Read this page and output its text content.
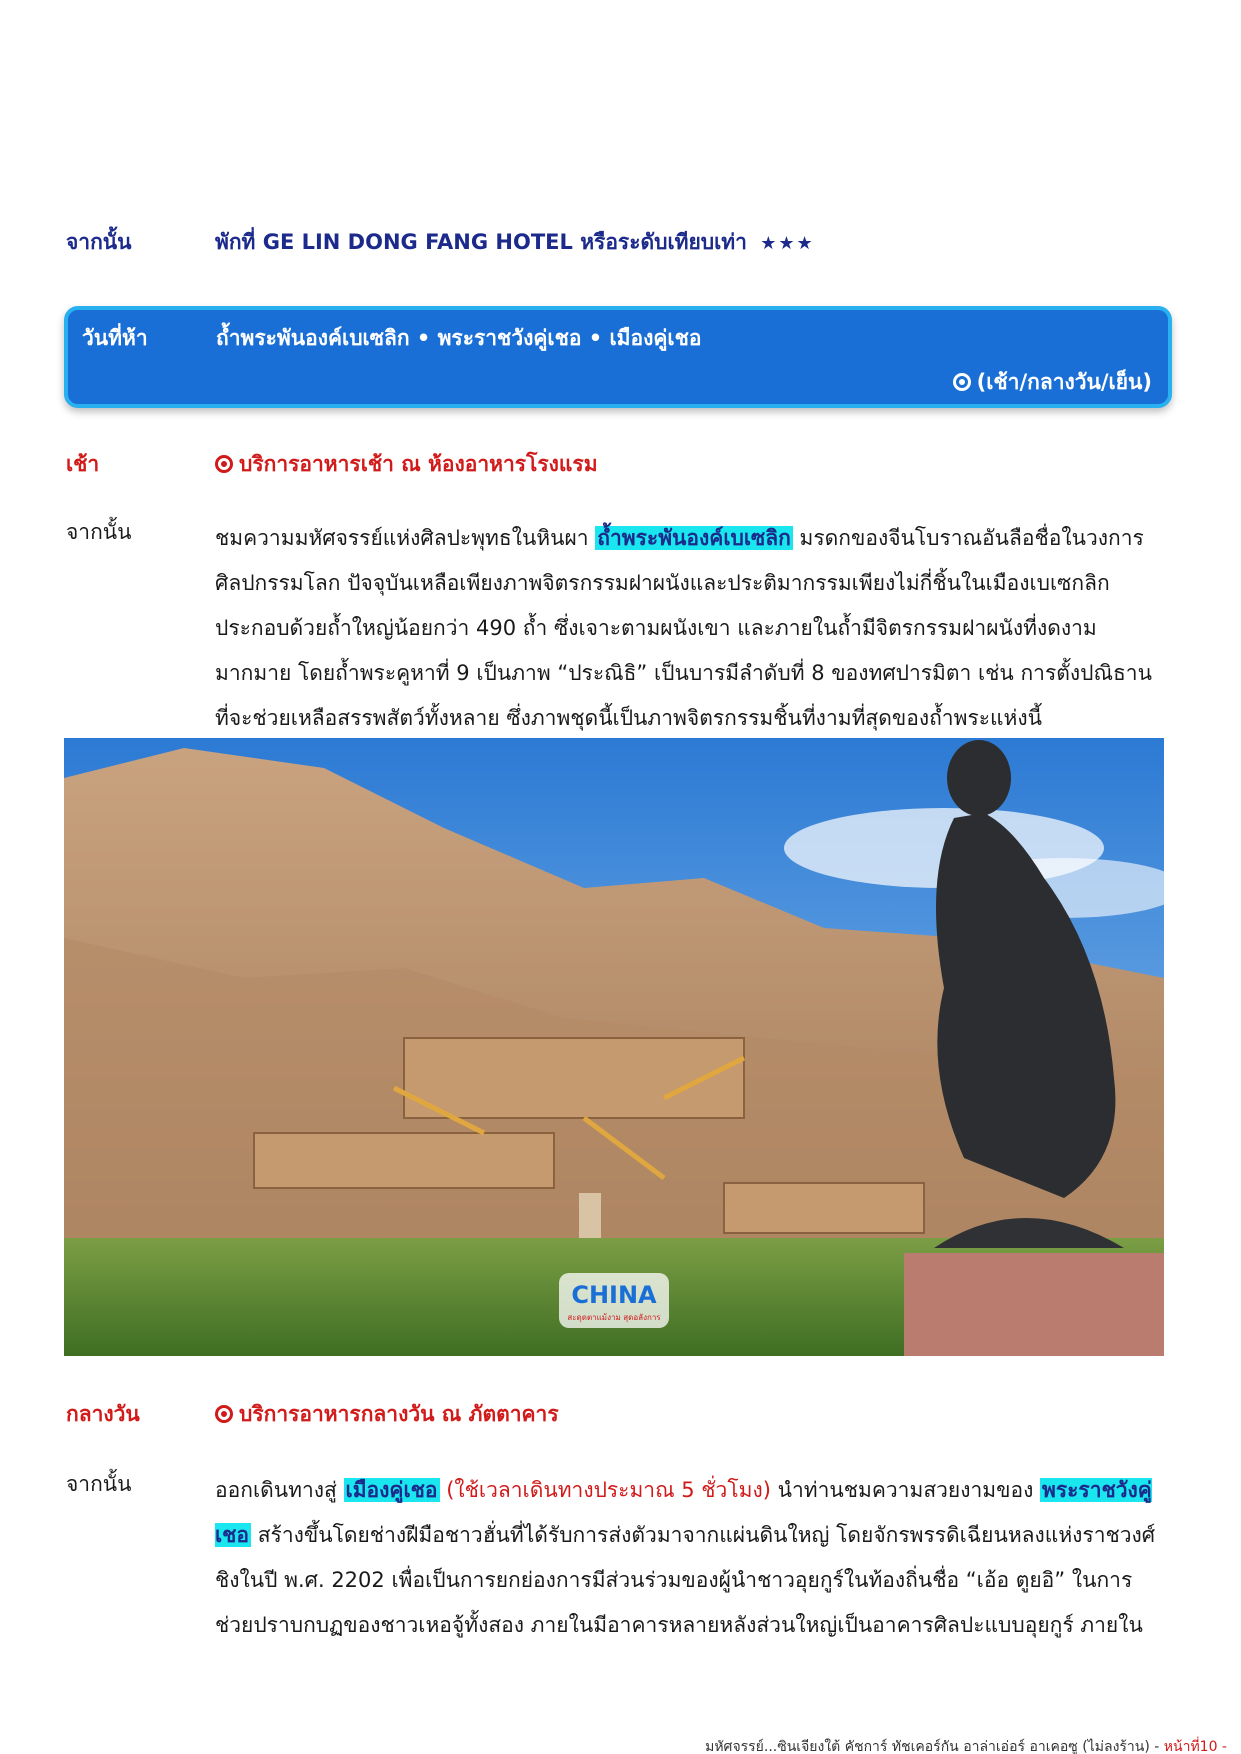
จากนั้น	พักที่ GE LIN DONG FANG HOTEL หรือระดับเทียบเท่า ★★★
วันที่ห้า	ถ้ำพระพันองค์เบเซลิก • พระราชวังคู่เชอ • เมืองคู่เชอ
(เช้า/กลางวัน/เย็น)
เช้า	บริการอาหารเช้า ณ ห้องอาหารโรงแรม
จากนั้น	ชมความมหัศจรรย์แห่งศิลปะพุทธในหินผา ถ้ำพระพันองค์เบเซลิก มรดกของจีนโบราณอันลือชื่อในวงการศิลปกรรมโลก ปัจจุบันเหลือเพียงภาพจิตรกรรมฝาผนังและประติมากรรมเพียงไม่กี่ชิ้นในเมืองเบเซกลิก ประกอบด้วยถ้ำใหญ่น้อยกว่า 490 ถ้ำ ซึ่งเจาะตามผนังเขา และภายในถ้ำมีจิตรกรรมฝาผนังที่งดงามมากมาย โดยถ้ำพระคูหาที่ 9 เป็นภาพ “ประณิธิ” เป็นบารมีลำดับที่ 8 ของทศปารมิตา เช่น การตั้งปณิธานที่จะช่วยเหลือสรรพสัตว์ทั้งหลาย ซึ่งภาพชุดนี้เป็นภาพจิตรกรรมชิ้นที่งามที่สุดของถ้ำพระแห่งนี้
CHINA
สะดุดตาแม้งาม สุดอลังการ
กลางวัน	บริการอาหารกลางวัน ณ ภัตตาคาร
จากนั้น	ออกเดินทางสู่ เมืองคู่เชอ (ใช้เวลาเดินทางประมาณ 5 ชั่วโมง) นำท่านชมความสวยงามของ พระราชวังคู่เชอ สร้างขึ้นโดยช่างฝีมือชาวฮั่นที่ได้รับการส่งตัวมาจากแผ่นดินใหญ่ โดยจักรพรรดิเฉียนหลงแห่งราชวงศ์ชิงในปี พ.ศ. 2202 เพื่อเป็นการยกย่องการมีส่วนร่วมของผู้นำชาวอุยกูร์ในท้องถิ่นชื่อ “เอ้อ ตูยอิ” ในการช่วยปราบกบฏของชาวเหอจู้ทั้งสอง ภายในมีอาคารหลายหลังส่วนใหญ่เป็นอาคารศิลปะแบบอุยกูร์ ภายใน
มหัศจรรย์...ซินเจียงใต้ คัชการ์ ทัชเคอร์กัน อาล่าเอ่อร์ อาเคอซู (ไม่ลงร้าน) - หน้าที่10 -
